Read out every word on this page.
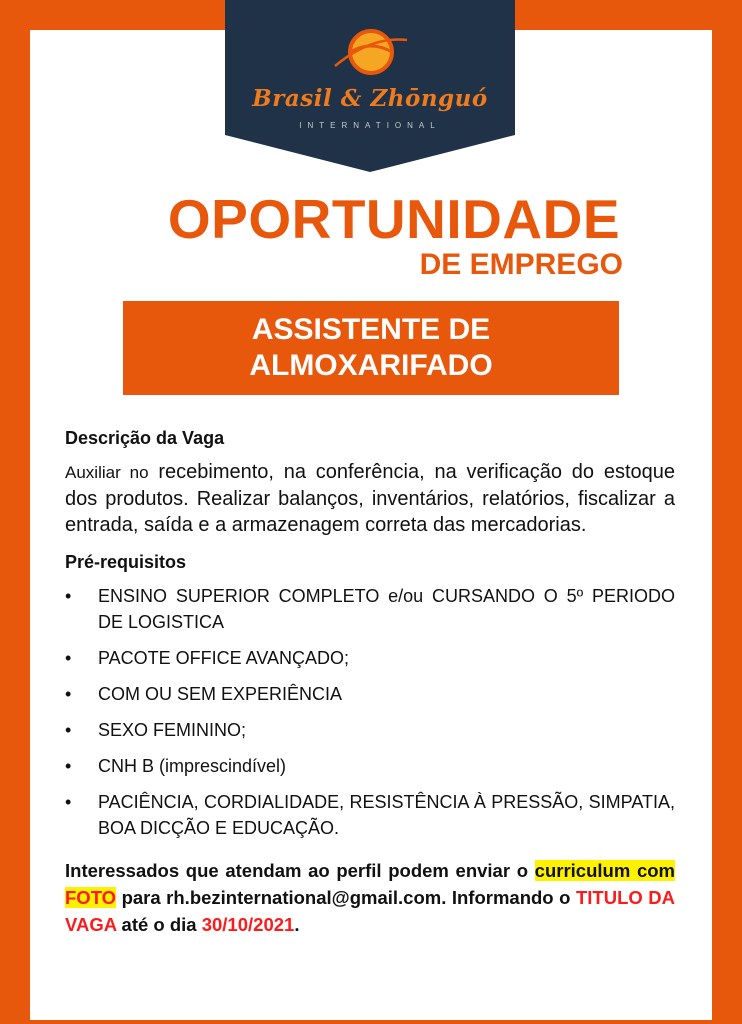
Brasil & Zhōnguó
INTERNATIONAL
OPORTUNIDADE
DE EMPREGO
ASSISTENTE DE
ALMOXARIFADO
Descrição da Vaga
Auxiliar no recebimento, na conferência, na verificação do estoque dos produtos. Realizar balanços, inventários, relatórios, fiscalizar a entrada, saída e a armazenagem correta das mercadorias.
Pré-requisitos
• ENSINO SUPERIOR COMPLETO e/ou CURSANDO O 5º PERIODO DE LOGISTICA
• PACOTE OFFICE AVANÇADO;
• COM OU SEM EXPERIÊNCIA
• SEXO FEMININO;
• CNH B (imprescindível)
• PACIÊNCIA, CORDIALIDADE, RESISTÊNCIA À PRESSÃO, SIMPATIA, BOA DICÇÃO E EDUCAÇÃO.
Interessados que atendam ao perfil podem enviar o curriculum com FOTO para rh.bezinternational@gmail.com. Informando o TITULO DA VAGA até o dia 30/10/2021.
